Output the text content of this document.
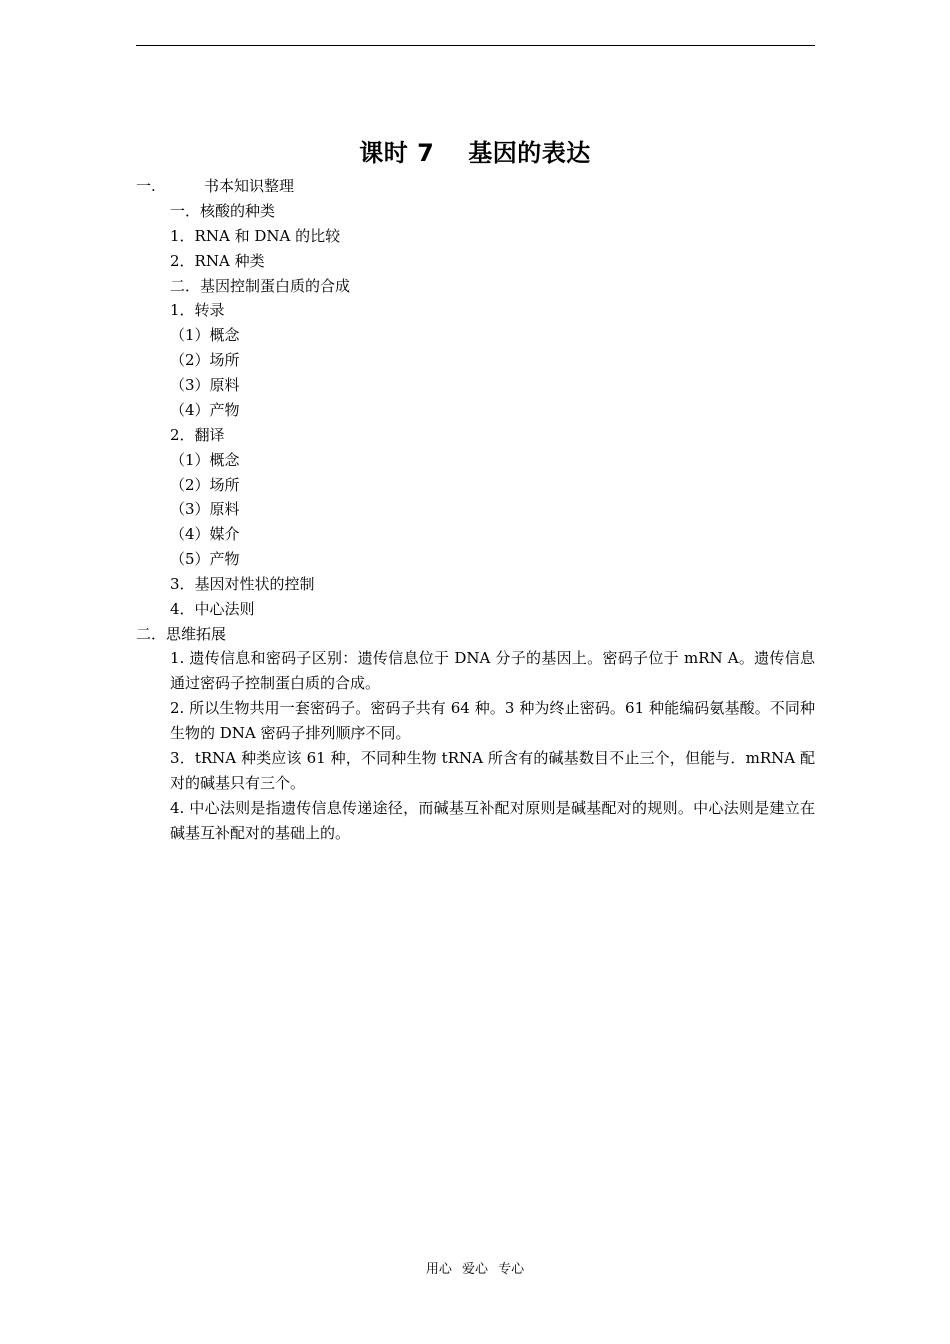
课时 7 基因的表达
一.	书本知识整理
一．核酸的种类
1．RNA 和 DNA 的比较
2．RNA 种类
二．基因控制蛋白质的合成
1．转录
（1）概念
（2）场所
（3）原料
（4）产物
2．翻译
（1）概念
（2）场所
（3）原料
（4）媒介
（5）产物
3．基因对性状的控制
4．中心法则
二．思维拓展
1. 遗传信息和密码子区别：遗传信息位于 DNA 分子的基因上。密码子位于 mRN A。遗传信息通过密码子控制蛋白质的合成。
2. 所以生物共用一套密码子。密码子共有 64 种。3 种为终止密码。61 种能编码氨基酸。不同种生物的 DNA 密码子排列顺序不同。
3．tRNA 种类应该 61 种，不同种生物 tRNA 所含有的碱基数目不止三个，但能与．mRNA 配对的碱基只有三个。
4. 中心法则是指遗传信息传递途径，而碱基互补配对原则是碱基配对的规则。中心法则是建立在碱基互补配对的基础上的。
用心 爱心 专心
